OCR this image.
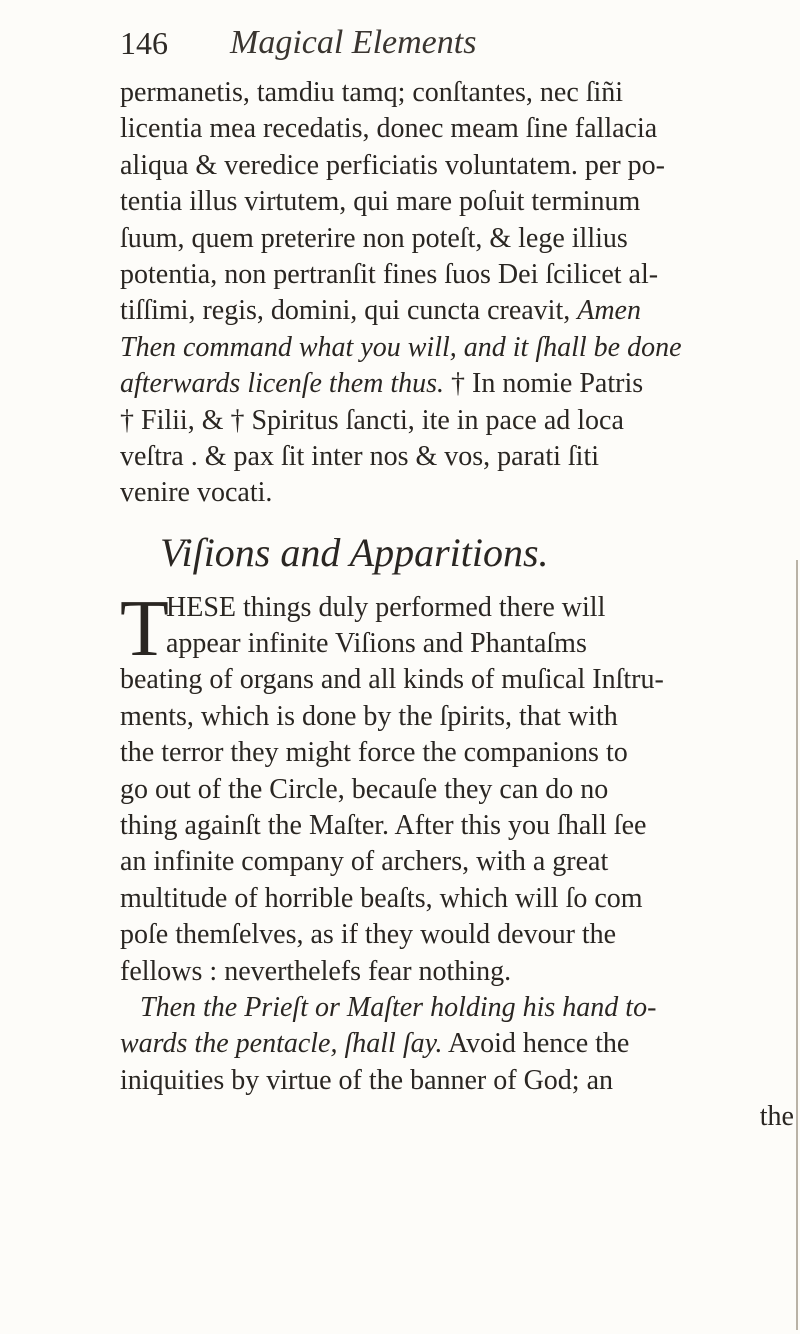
146 Magical Elements
permanetis, tamdiu tamq; conſtantes, nec ſiñi
licentia mea recedatis, donec meam ſine fallacia
aliqua & veredice perficiatis voluntatem. per po-
tentia illus virtutem, qui mare poſuit terminum
ſuum, quem preterire non poteſt, & lege illius
potentia, non pertranſit fines ſuos Dei ſcilicet al-
tiſſimi, regis, domini, qui cuncta creavit, Amen
Then command what you will, and it ſhall be done
afterwards licenſe them thus. † In nomie Patris
† Filii, & † Spiritus ſancti, ite in pace ad loca
veſtra . & pax ſit inter nos & vos, parati ſiti
venire vocati.
Viſions and Apparitions.
T
HESE things duly performed there will
appear infinite Viſions and Phantaſms
beating of organs and all kinds of muſical Inſtru-
ments, which is done by the ſpirits, that with
the terror they might force the companions to
go out of the Circle, becauſe they can do no
thing againſt the Maſter. After this you ſhall ſee
an infinite company of archers, with a great
multitude of horrible beaſts, which will ſo com
poſe themſelves, as if they would devour the
fellows : neverthelefs fear nothing.
Then the Prieſt or Maſter holding his hand to-
wards the pentacle, ſhall ſay. Avoid hence the
iniquities by virtue of the banner of God; an
the
